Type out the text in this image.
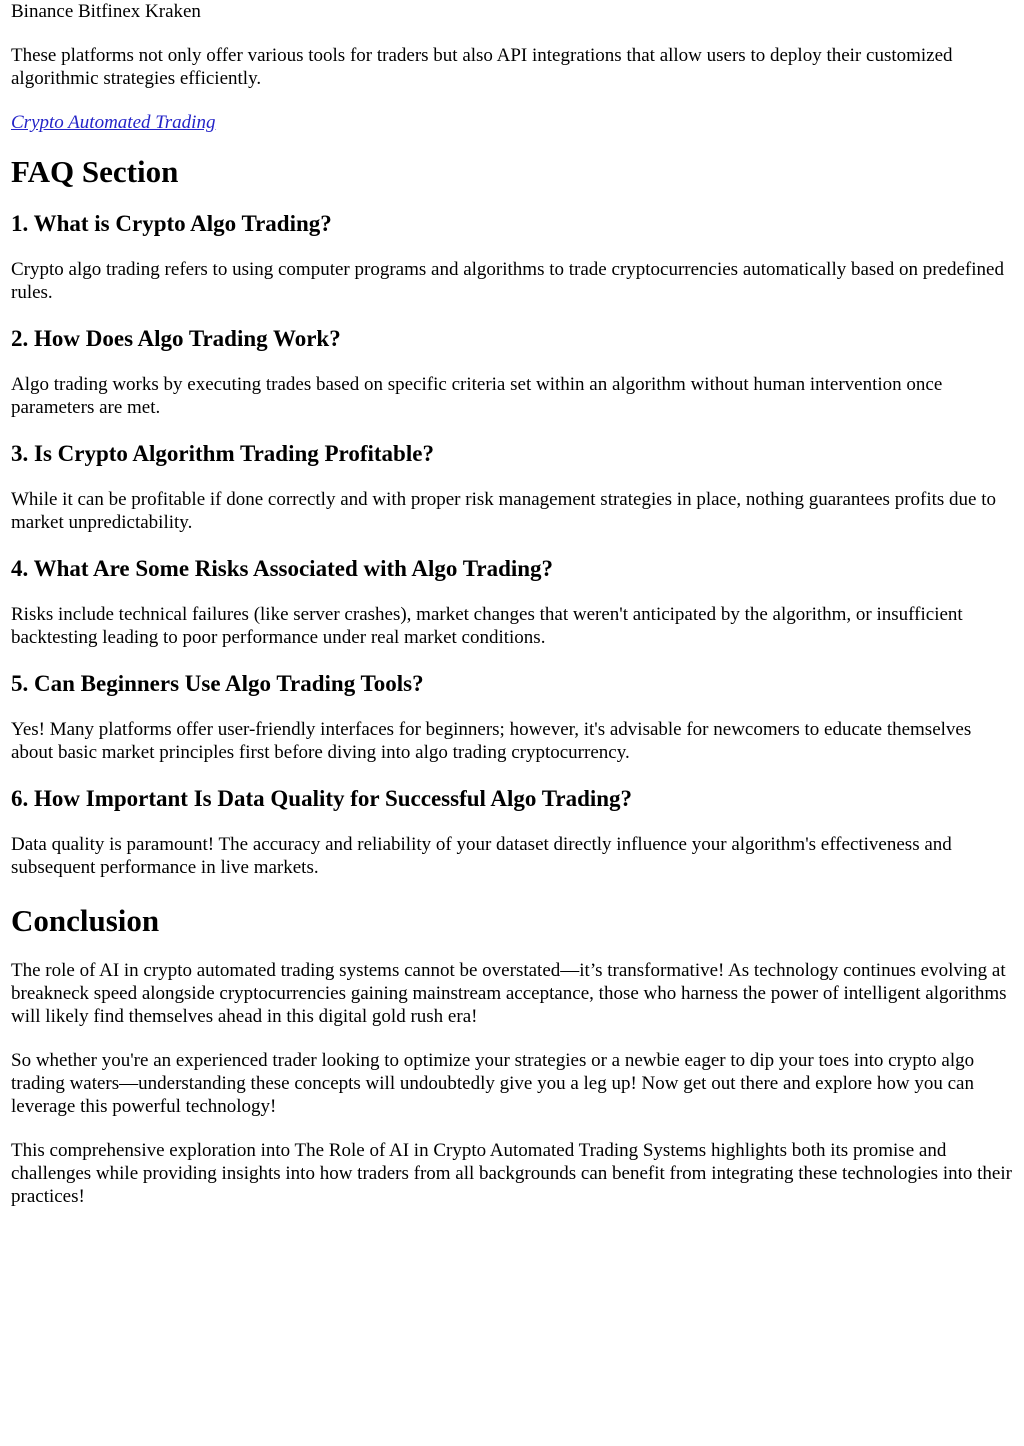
Binance Bitfinex Kraken

These platforms not only offer various tools for traders but also API integrations that allow users to deploy their customized algorithmic strategies efficiently.

Crypto Automated Trading

FAQ Section
1. What is Crypto Algo Trading?

Crypto algo trading refers to using computer programs and algorithms to trade cryptocurrencies automatically based on predefined rules.

2. How Does Algo Trading Work?

Algo trading works by executing trades based on specific criteria set within an algorithm without human intervention once parameters are met.

3. Is Crypto Algorithm Trading Profitable?

While it can be profitable if done correctly and with proper risk management strategies in place, nothing guarantees profits due to market unpredictability.

4. What Are Some Risks Associated with Algo Trading?

Risks include technical failures (like server crashes), market changes that weren't anticipated by the algorithm, or insufficient backtesting leading to poor performance under real market conditions.

5. Can Beginners Use Algo Trading Tools?

Yes! Many platforms offer user-friendly interfaces for beginners; however, it's advisable for newcomers to educate themselves about basic market principles first before diving into algo trading cryptocurrency.

6. How Important Is Data Quality for Successful Algo Trading?

Data quality is paramount! The accuracy and reliability of your dataset directly influence your algorithm's effectiveness and subsequent performance in live markets.

Conclusion

The role of AI in crypto automated trading systems cannot be overstated—it’s transformative! As technology continues evolving at breakneck speed alongside cryptocurrencies gaining mainstream acceptance, those who harness the power of intelligent algorithms will likely find themselves ahead in this digital gold rush era!

So whether you're an experienced trader looking to optimize your strategies or a newbie eager to dip your toes into crypto algo trading waters—understanding these concepts will undoubtedly give you a leg up! Now get out there and explore how you can leverage this powerful technology!

This comprehensive exploration into The Role of AI in Crypto Automated Trading Systems highlights both its promise and challenges while providing insights into how traders from all backgrounds can benefit from integrating these technologies into their practices!
